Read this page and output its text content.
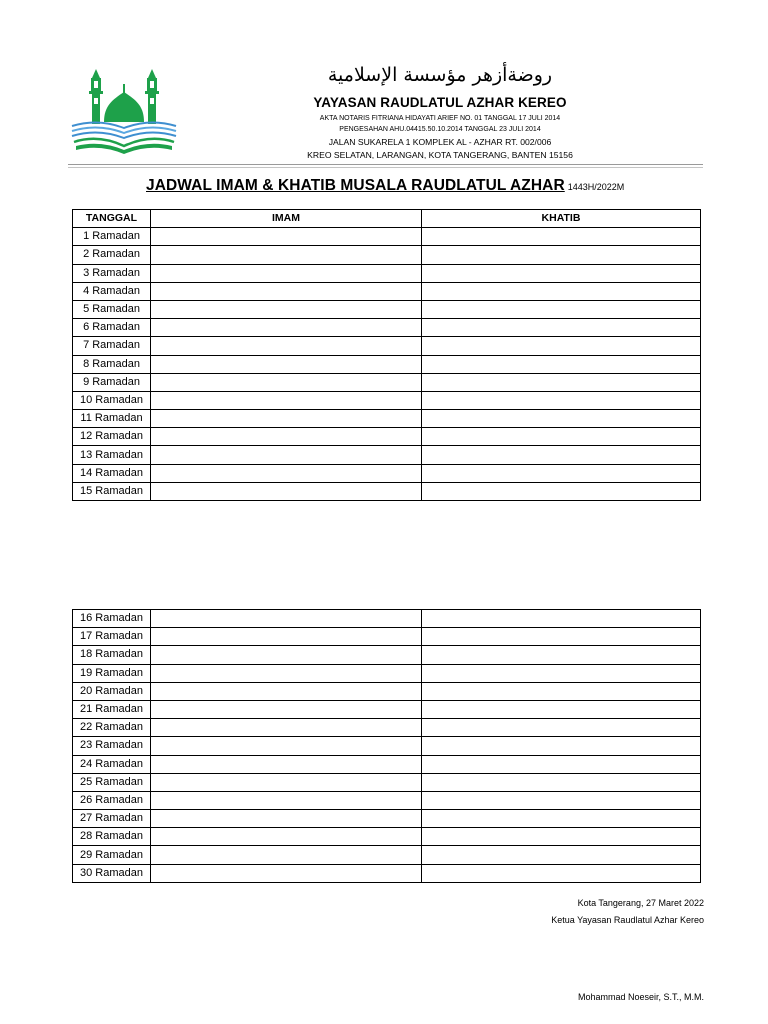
روضةأزهر مؤسسة الإسلامية
YAYASAN RAUDLATUL AZHAR KEREO
AKTA NOTARIS FITRIANA HIDAYATI ARIEF NO. 01 TANGGAL 17 JULI 2014
PENGESAHAN AHU.04415.50.10.2014 TANGGAL 23 JULI 2014
JALAN SUKARELA 1 KOMPLEK AL - AZHAR RT. 002/006
KREO SELATAN, LARANGAN, KOTA TANGERANG, BANTEN 15156
JADWAL IMAM & KHATIB MUSALA RAUDLATUL AZHAR 1443H/2022M
TANGGAL	IMAM	KHATIB
1 Ramadan		
2 Ramadan		
3 Ramadan		
4 Ramadan		
5 Ramadan		
6 Ramadan		
7 Ramadan		
8 Ramadan		
9 Ramadan		
10 Ramadan		
11 Ramadan		
12 Ramadan		
13 Ramadan		
14 Ramadan		
15 Ramadan		
16 Ramadan		
17 Ramadan		
18 Ramadan		
19 Ramadan		
20 Ramadan		
21 Ramadan		
22 Ramadan		
23 Ramadan		
24 Ramadan		
25 Ramadan		
26 Ramadan		
27 Ramadan		
28 Ramadan		
29 Ramadan		
30 Ramadan		
Kota Tangerang, 27 Maret 2022
Ketua Yayasan Raudlatul Azhar Kereo
Mohammad Noeseir, S.T., M.M.
